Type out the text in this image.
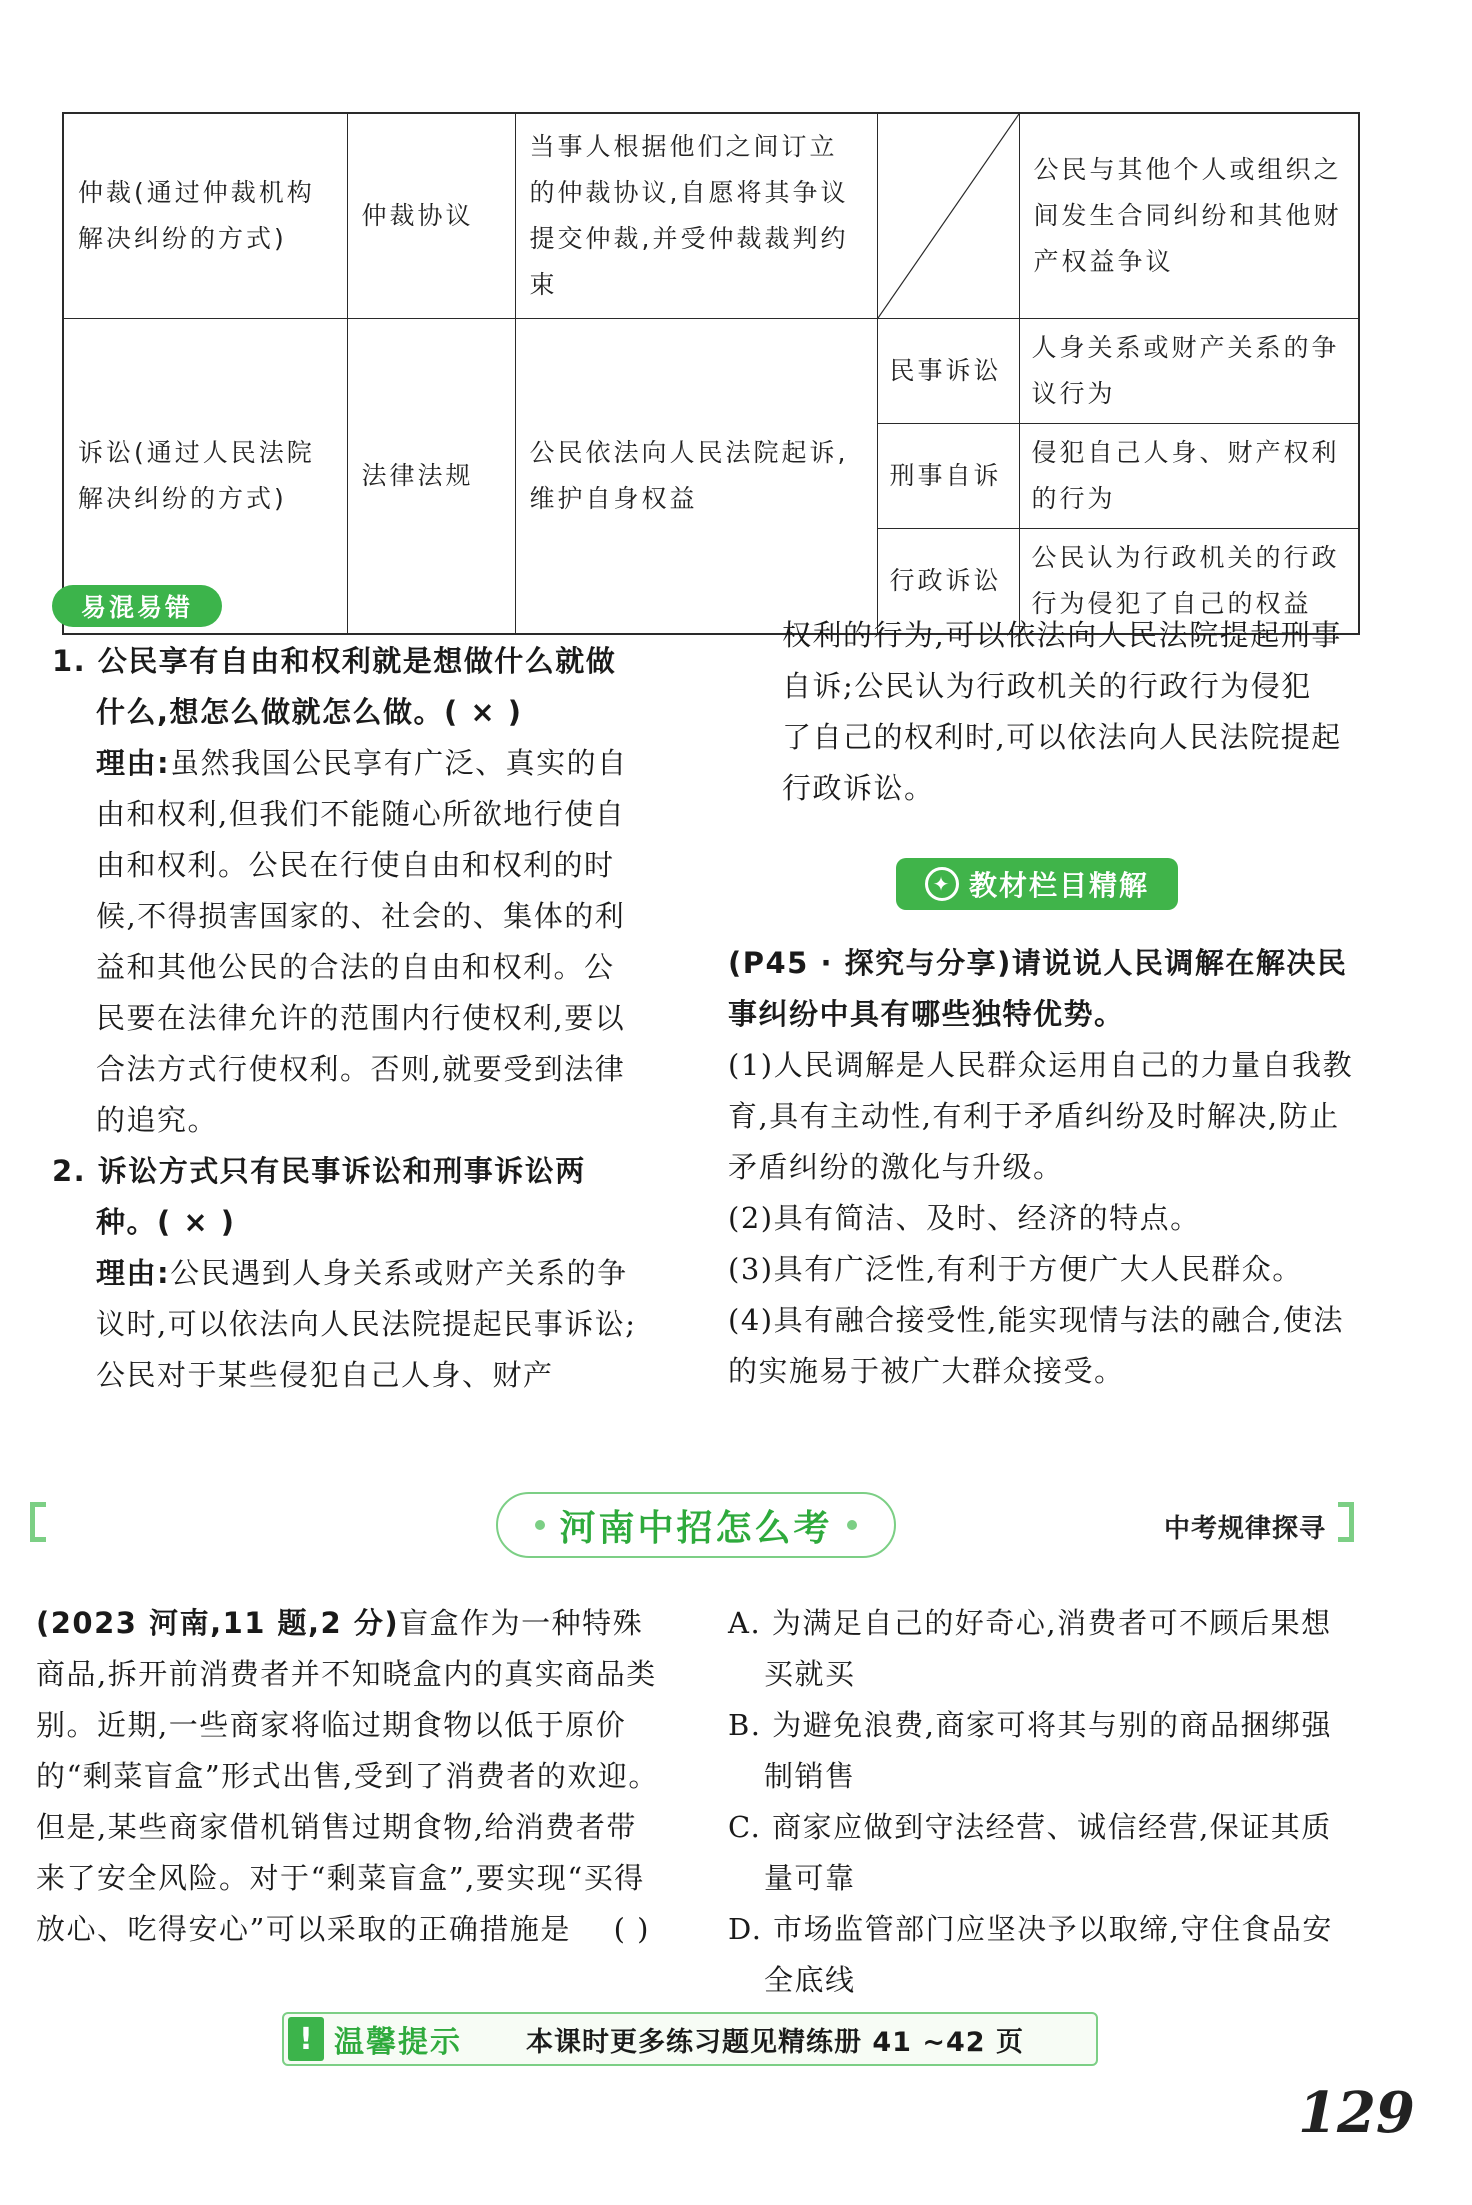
仲裁(通过仲裁机构解决纠纷的方式)	仲裁协议	当事人根据他们之间订立的仲裁协议,自愿将其争议提交仲裁,并受仲裁裁判约束		公民与其他个人或组织之间发生合同纠纷和其他财产权益争议
诉讼(通过人民法院解决纠纷的方式)	法律法规	公民依法向人民法院起诉,维护自身权益	民事诉讼	人身关系或财产关系的争议行为
			刑事自诉	侵犯自己人身、财产权利的行为
			行政诉讼	公民认为行政机关的行政行为侵犯了自己的权益
易混易错
1. 公民享有自由和权利就是想做什么就做什么,想怎么做就怎么做。( × )
理由:虽然我国公民享有广泛、真实的自由和权利,但我们不能随心所欲地行使自由和权利。公民在行使自由和权利的时候,不得损害国家的、社会的、集体的利益和其他公民的合法的自由和权利。公民要在法律允许的范围内行使权利,要以合法方式行使权利。否则,就要受到法律的追究。
2. 诉讼方式只有民事诉讼和刑事诉讼两种。( × )
理由:公民遇到人身关系或财产关系的争议时,可以依法向人民法院提起民事诉讼;公民对于某些侵犯自己人身、财产
权利的行为,可以依法向人民法院提起刑事自诉;公民认为行政机关的行政行为侵犯了自己的权利时,可以依法向人民法院提起行政诉讼。
✦ 教材栏目精解
(P45 · 探究与分享)请说说人民调解在解决民事纠纷中具有哪些独特优势。
(1)人民调解是人民群众运用自己的力量自我教育,具有主动性,有利于矛盾纠纷及时解决,防止矛盾纠纷的激化与升级。
(2)具有简洁、及时、经济的特点。
(3)具有广泛性,有利于方便广大人民群众。
(4)具有融合接受性,能实现情与法的融合,使法的实施易于被广大群众接受。
河南中招怎么考	中考规律探寻
(2023 河南,11 题,2 分)盲盒作为一种特殊商品,拆开前消费者并不知晓盒内的真实商品类别。近期,一些商家将临过期食物以低于原价的“剩菜盲盒”形式出售,受到了消费者的欢迎。但是,某些商家借机销售过期食物,给消费者带来了安全风险。对于“剩菜盲盒”,要实现“买得放心、吃得安心”可以采取的正确措施是 ( )
A. 为满足自己的好奇心,消费者可不顾后果想买就买
B. 为避免浪费,商家可将其与别的商品捆绑强制销售
C. 商家应做到守法经营、诚信经营,保证其质量可靠
D. 市场监管部门应坚决予以取缔,守住食品安全底线
! 温馨提示	本课时更多练习题见精练册 41 ~42 页
129
